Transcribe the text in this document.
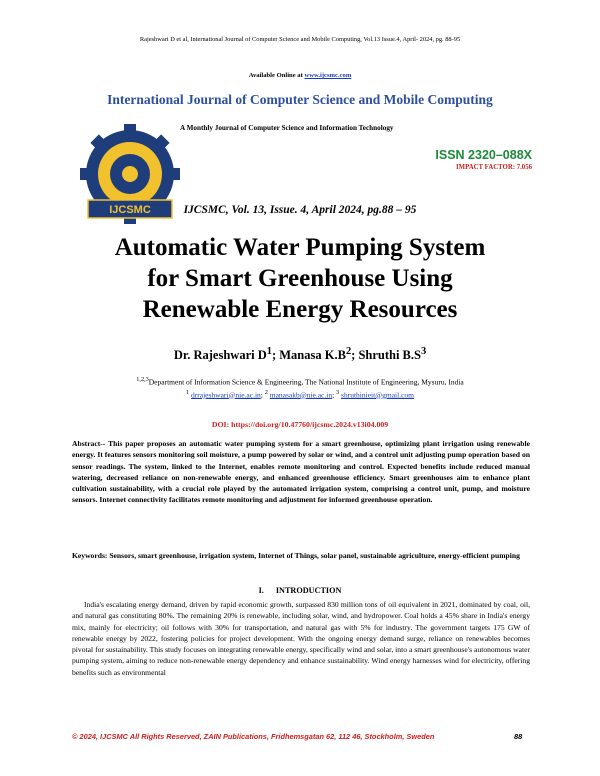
Rajeshwari D et al, International Journal of Computer Science and Mobile Computing, Vol.13 Issue.4, April- 2024, pg. 88-95
Available Online at www.ijcsmc.com
International Journal of Computer Science and Mobile Computing
IJCSMC
A Monthly Journal of Computer Science and Information Technology
ISSN 2320–088X
IMPACT FACTOR: 7.056
IJCSMC, Vol. 13, Issue. 4, April 2024, pg.88 – 95
Automatic Water Pumping System
for Smart Greenhouse Using
Renewable Energy Resources
Dr. Rajeshwari $D^1$; Manasa $K.B^2$; Shruthi $B.S^3$
$^{1,2,3}$Department of Information Science & Engineering, The National Institute of Engineering, Mysuru, India
$^1$ drrajeshwari@nie.ac.in; $^2$ manasakb@nie.ac.in; $^3$ shruthinieit@gmail.com
DOI: https://doi.org/10.47760/ijcsmc.2024.v13i04.009
Abstract-- This paper proposes an automatic water pumping system for a smart greenhouse, optimizing plant irrigation using renewable energy. It features sensors monitoring soil moisture, a pump powered by solar or wind, and a control unit adjusting pump operation based on sensor readings. The system, linked to the Internet, enables remote monitoring and control. Expected benefits include reduced manual watering, decreased reliance on non-renewable energy, and enhanced greenhouse efficiency. Smart greenhouses aim to enhance plant cultivation sustainability, with a crucial role played by the automated irrigation system, comprising a control unit, pump, and moisture sensors. Internet connectivity facilitates remote monitoring and adjustment for informed greenhouse operation.
Keywords: Sensors, smart greenhouse, irrigation system, Internet of Things, solar panel, sustainable agriculture, energy-efficient pumping
I. INTRODUCTION
India's escalating energy demand, driven by rapid economic growth, surpassed 830 million tons of oil equivalent in 2021, dominated by coal, oil, and natural gas constituting 80%. The remaining 20% is renewable, including solar, wind, and hydropower. Coal holds a 45% share in India's energy mix, mainly for electricity; oil follows with 30% for transportation, and natural gas with 5% for industry. The government targets 175 GW of renewable energy by 2022, fostering policies for project development. With the ongoing energy demand surge, reliance on renewables becomes pivotal for sustainability. This study focuses on integrating renewable energy, specifically wind and solar, into a smart greenhouse's autonomous water pumping system, aiming to reduce non-renewable energy dependency and enhance sustainability. Wind energy harnesses wind for electricity, offering benefits such as environmental
© 2024, IJCSMC All Rights Reserved, ZAIN Publications, Fridhemsgatan 62, 112 46, Stockholm, Sweden	88
